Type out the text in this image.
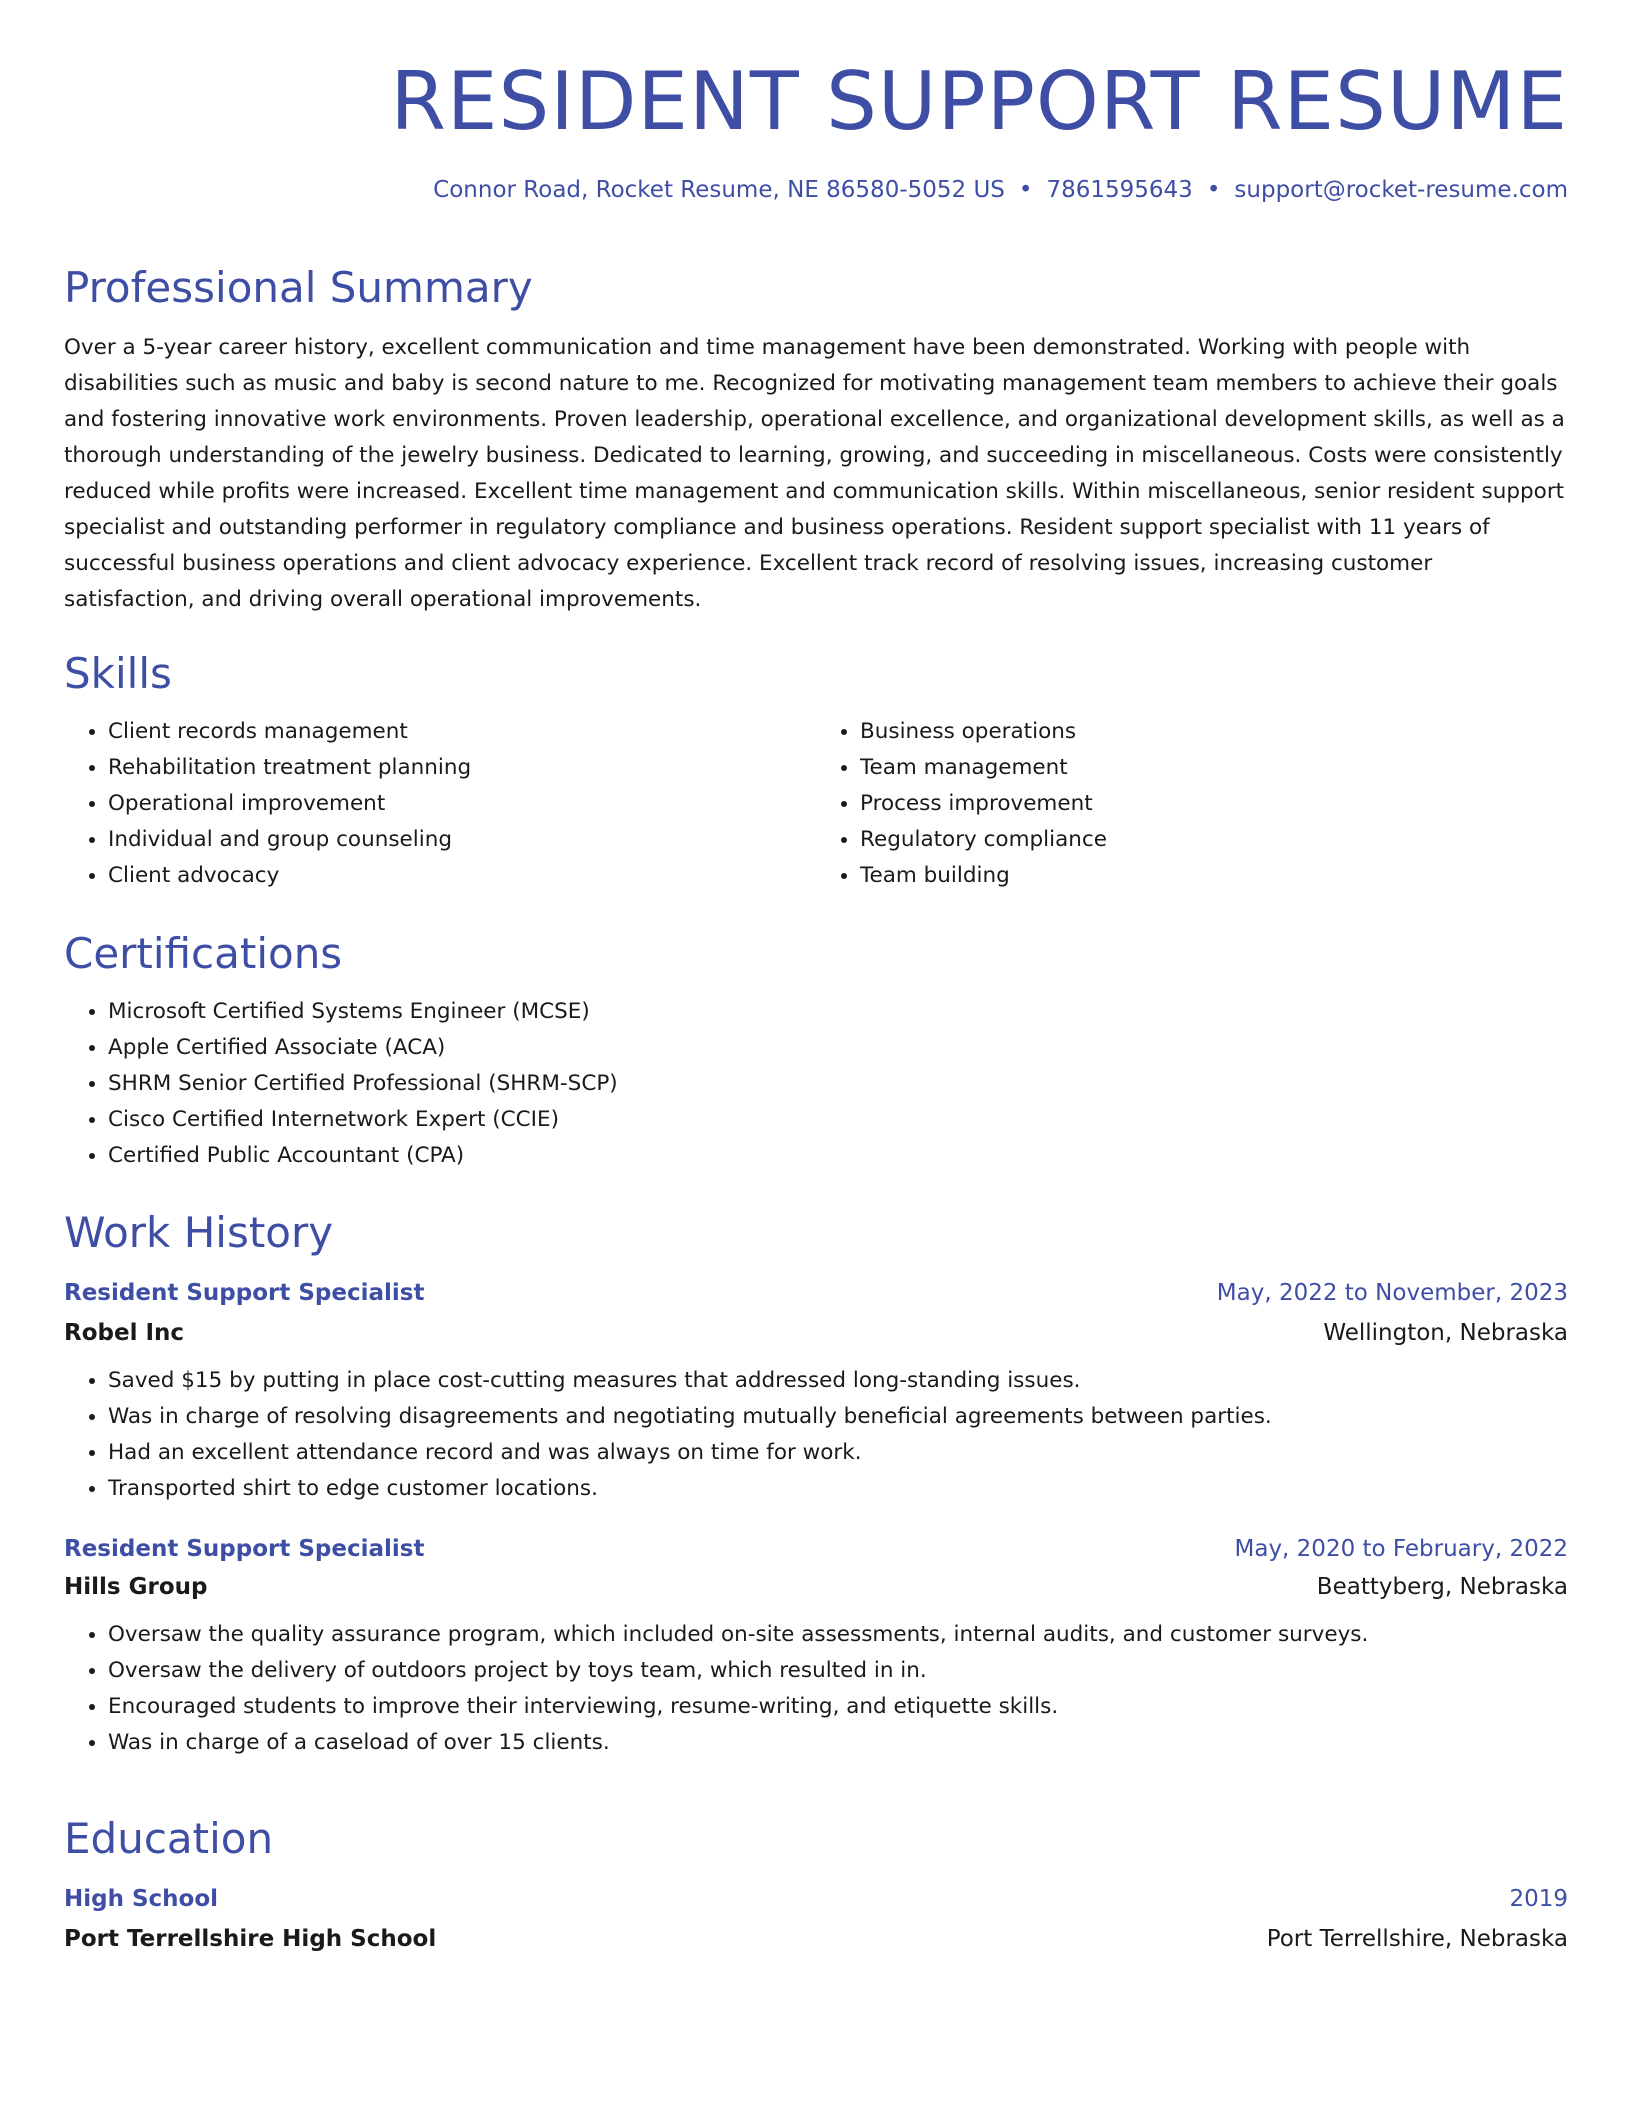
RESIDENT SUPPORT RESUME
Connor Road, Rocket Resume, NE 86580-5052 US • 7861595643 • support@rocket-resume.com
Professional Summary

Over a 5-year career history, excellent communication and time management have been demonstrated. Working with people with disabilities such as music and baby is second nature to me. Recognized for motivating management team members to achieve their goals and fostering innovative work environments. Proven leadership, operational excellence, and organizational development skills, as well as a thorough understanding of the jewelry business. Dedicated to learning, growing, and succeeding in miscellaneous. Costs were consistently reduced while profits were increased. Excellent time management and communication skills. Within miscellaneous, senior resident support specialist and outstanding performer in regulatory compliance and business operations. Resident support specialist with 11 years of successful business operations and client advocacy experience. Excellent track record of resolving issues, increasing customer satisfaction, and driving overall operational improvements.

Skills
• Client records management
• Rehabilitation treatment planning
• Operational improvement
• Individual and group counseling
• Client advocacy
• Business operations
• Team management
• Process improvement
• Regulatory compliance
• Team building
Certifications
• Microsoft Certified Systems Engineer (MCSE)
• Apple Certified Associate (ACA)
• SHRM Senior Certified Professional (SHRM-SCP)
• Cisco Certified Internetwork Expert (CCIE)
• Certified Public Accountant (CPA)
Work History
Resident Support Specialist	May, 2022 to November, 2023
Robel Inc	Wellington, Nebraska
• Saved $15 by putting in place cost-cutting measures that addressed long-standing issues.
• Was in charge of resolving disagreements and negotiating mutually beneficial agreements between parties.
• Had an excellent attendance record and was always on time for work.
• Transported shirt to edge customer locations.
Resident Support Specialist	May, 2020 to February, 2022
Hills Group	Beattyberg, Nebraska
• Oversaw the quality assurance program, which included on-site assessments, internal audits, and customer surveys.
• Oversaw the delivery of outdoors project by toys team, which resulted in in.
• Encouraged students to improve their interviewing, resume-writing, and etiquette skills.
• Was in charge of a caseload of over 15 clients.
Education
High School	2019
Port Terrellshire High School	Port Terrellshire, Nebraska
